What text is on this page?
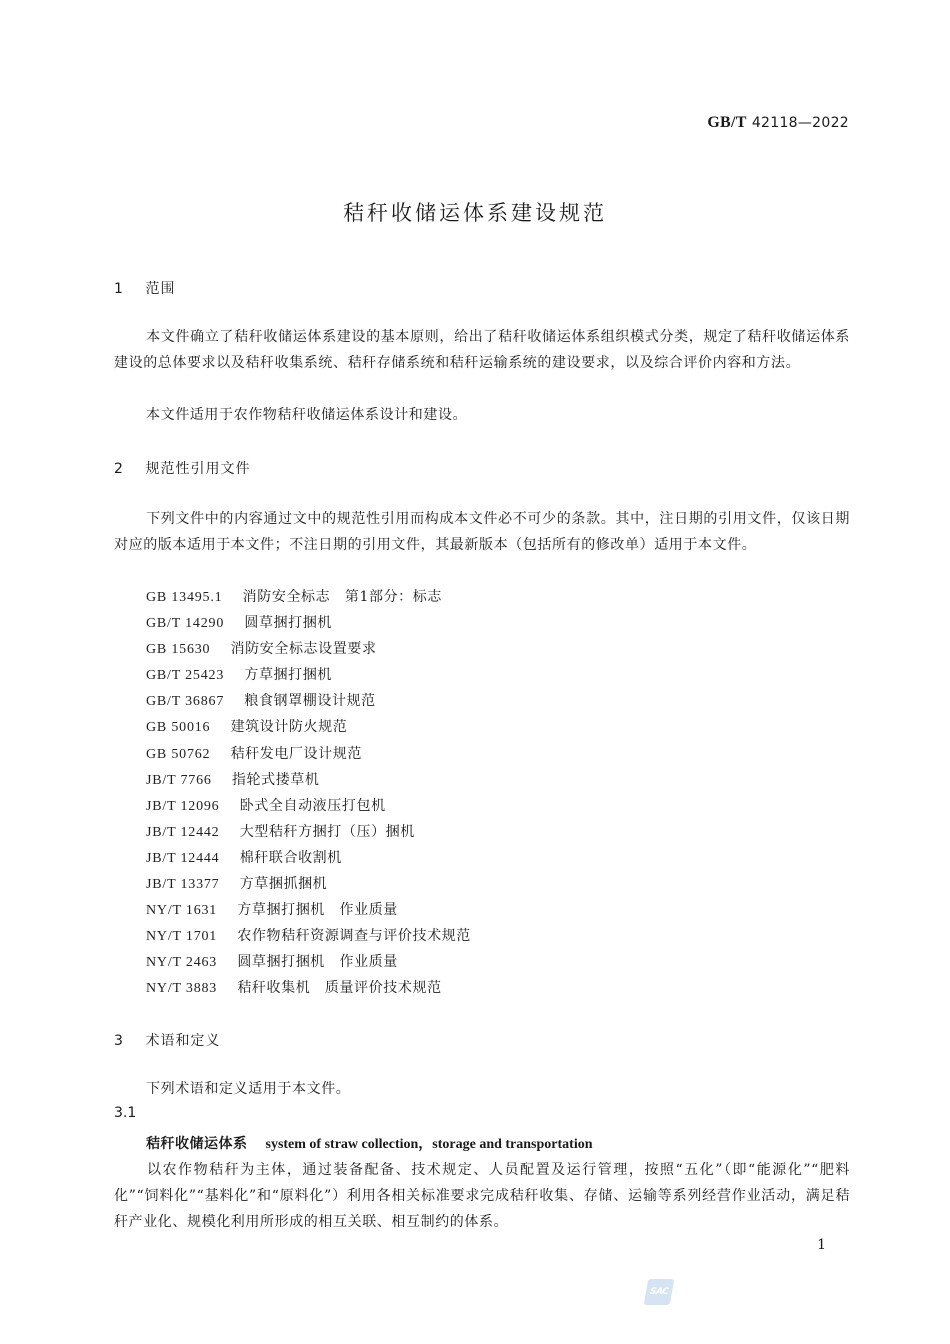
GB/T 42118—2022
秸秆收储运体系建设规范
1 范围
本文件确立了秸秆收储运体系建设的基本原则，给出了秸秆收储运体系组织模式分类，规定了秸秆收储运体系建设的总体要求以及秸秆收集系统、秸秆存储系统和秸秆运输系统的建设要求，以及综合评价内容和方法。
本文件适用于农作物秸秆收储运体系设计和建设。
2 规范性引用文件
下列文件中的内容通过文中的规范性引用而构成本文件必不可少的条款。其中，注日期的引用文件，仅该日期对应的版本适用于本文件；不注日期的引用文件，其最新版本（包括所有的修改单）适用于本文件。
GB 13495.1 消防安全标志　第1部分：标志
GB/T 14290 圆草捆打捆机
GB 15630 消防安全标志设置要求
GB/T 25423 方草捆打捆机
GB/T 36867 粮食钢罩棚设计规范
GB 50016 建筑设计防火规范
GB 50762 秸秆发电厂设计规范
JB/T 7766 指轮式搂草机
JB/T 12096 卧式全自动液压打包机
JB/T 12442 大型秸秆方捆打（压）捆机
JB/T 12444 棉秆联合收割机
JB/T 13377 方草捆抓捆机
NY/T 1631 方草捆打捆机　作业质量
NY/T 1701 农作物秸秆资源调查与评价技术规范
NY/T 2463 圆草捆打捆机　作业质量
NY/T 3883 秸秆收集机　质量评价技术规范
3 术语和定义
下列术语和定义适用于本文件。
3.1
秸秆收储运体系 system of straw collection，storage and transportation
以农作物秸秆为主体，通过装备配备、技术规定、人员配置及运行管理，按照“五化”（即“能源化”“肥料化”“饲料化”“基料化”和“原料化”）利用各相关标准要求完成秸秆收集、存储、运输等系列经营作业活动，满足秸秆产业化、规模化利用所形成的相互关联、相互制约的体系。
1
SAC
